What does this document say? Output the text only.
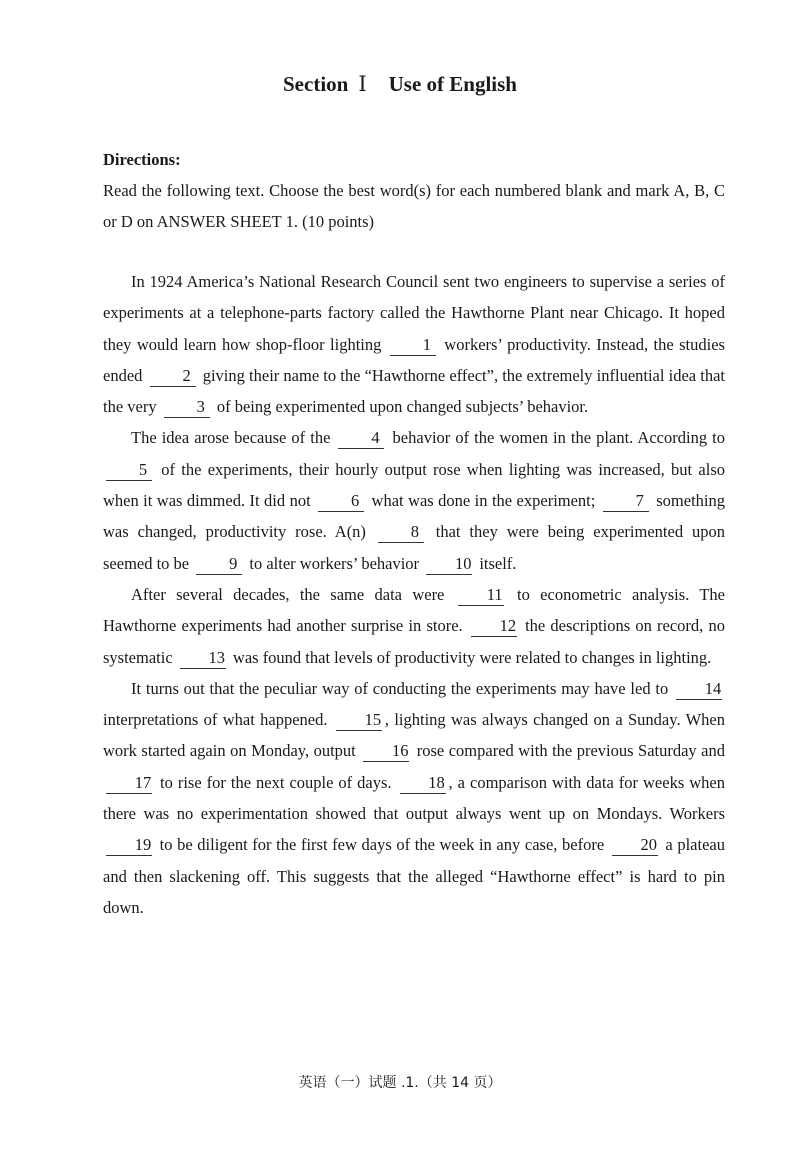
Section Ⅰ Use of English
Directions:
Read the following text. Choose the best word(s) for each numbered blank and mark A, B, C or D on ANSWER SHEET 1. (10 points)

In 1924 America’s National Research Council sent two engineers to supervise a series of experiments at a telephone-parts factory called the Hawthorne Plant near Chicago. It hoped they would learn how shop-floor lighting 1 workers’ productivity. Instead, the studies ended 2 giving their name to the “Hawthorne effect”, the extremely influential idea that the very 3 of being experimented upon changed subjects’ behavior.

The idea arose because of the 4 behavior of the women in the plant. According to 5 of the experiments, their hourly output rose when lighting was increased, but also when it was dimmed. It did not 6 what was done in the experiment; 7 something was changed, productivity rose. A(n) 8 that they were being experimented upon seemed to be 9 to alter workers’ behavior 10 itself.

After several decades, the same data were 11 to econometric analysis. The Hawthorne experiments had another surprise in store. 12 the descriptions on record, no systematic 13 was found that levels of productivity were related to changes in lighting.

It turns out that the peculiar way of conducting the experiments may have led to 14 interpretations of what happened. 15 , lighting was always changed on a Sunday. When work started again on Monday, output 16 rose compared with the previous Saturday and 17 to rise for the next couple of days. 18 , a comparison with data for weeks when there was no experimentation showed that output always went up on Mondays. Workers 19 to be diligent for the first few days of the week in any case, before 20 a plateau and then slackening off. This suggests that the alleged “Hawthorne effect” is hard to pin down.

英语（一）试题 .1.（共 14 页）
